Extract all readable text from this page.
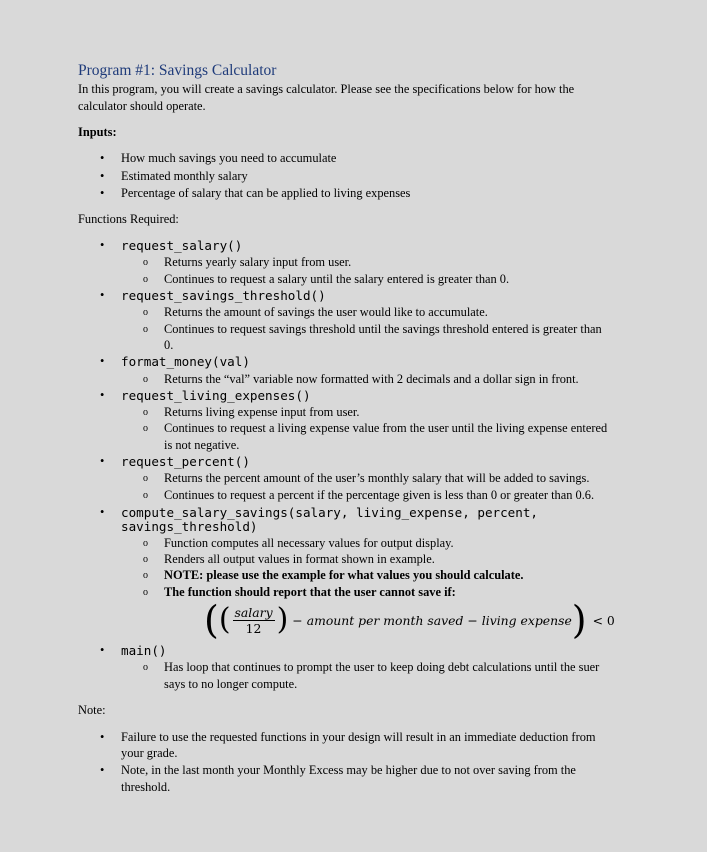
Program #1: Savings Calculator

In this program, you will create a savings calculator. Please see the specifications below for how the

calculator should operate.

Inputs:

• How much savings you need to accumulate
• Estimated monthly salary
• Percentage of salary that can be applied to living expenses

Functions Required:

• request_salary()
o Returns yearly salary input from user.
o Continues to request a salary until the salary entered is greater than 0.
• request_savings_threshold()
o Returns the amount of savings the user would like to accumulate.
o Continues to request savings threshold until the savings threshold entered is greater than
0.
• format_money(val)
o Returns the “val” variable now formatted with 2 decimals and a dollar sign in front.
• request_living_expenses()
o Returns living expense input from user.
o Continues to request a living expense value from the user until the living expense entered
is not negative.
• request_percent()
o Returns the percent amount of the user’s monthly salary that will be added to savings.
o Continues to request a percent if the percentage given is less than 0 or greater than 0.6.
• compute_salary_savings(salary, living_expense, percent,
savings_threshold)
o Function computes all necessary values for output display.
o Renders all output values in format shown in example.
o NOTE: please use the example for what values you should calculate.
o The function should report that the user cannot save if:
( ( $\frac{\text{salary}}{12}$ ) − amount per month saved − living expense ) < 0
• main()
o Has loop that continues to prompt the user to keep doing debt calculations until the suer
says to no longer compute.

Note:

• Failure to use the requested functions in your design will result in an immediate deduction from
your grade.
• Note, in the last month your Monthly Excess may be higher due to not over saving from the
threshold.
